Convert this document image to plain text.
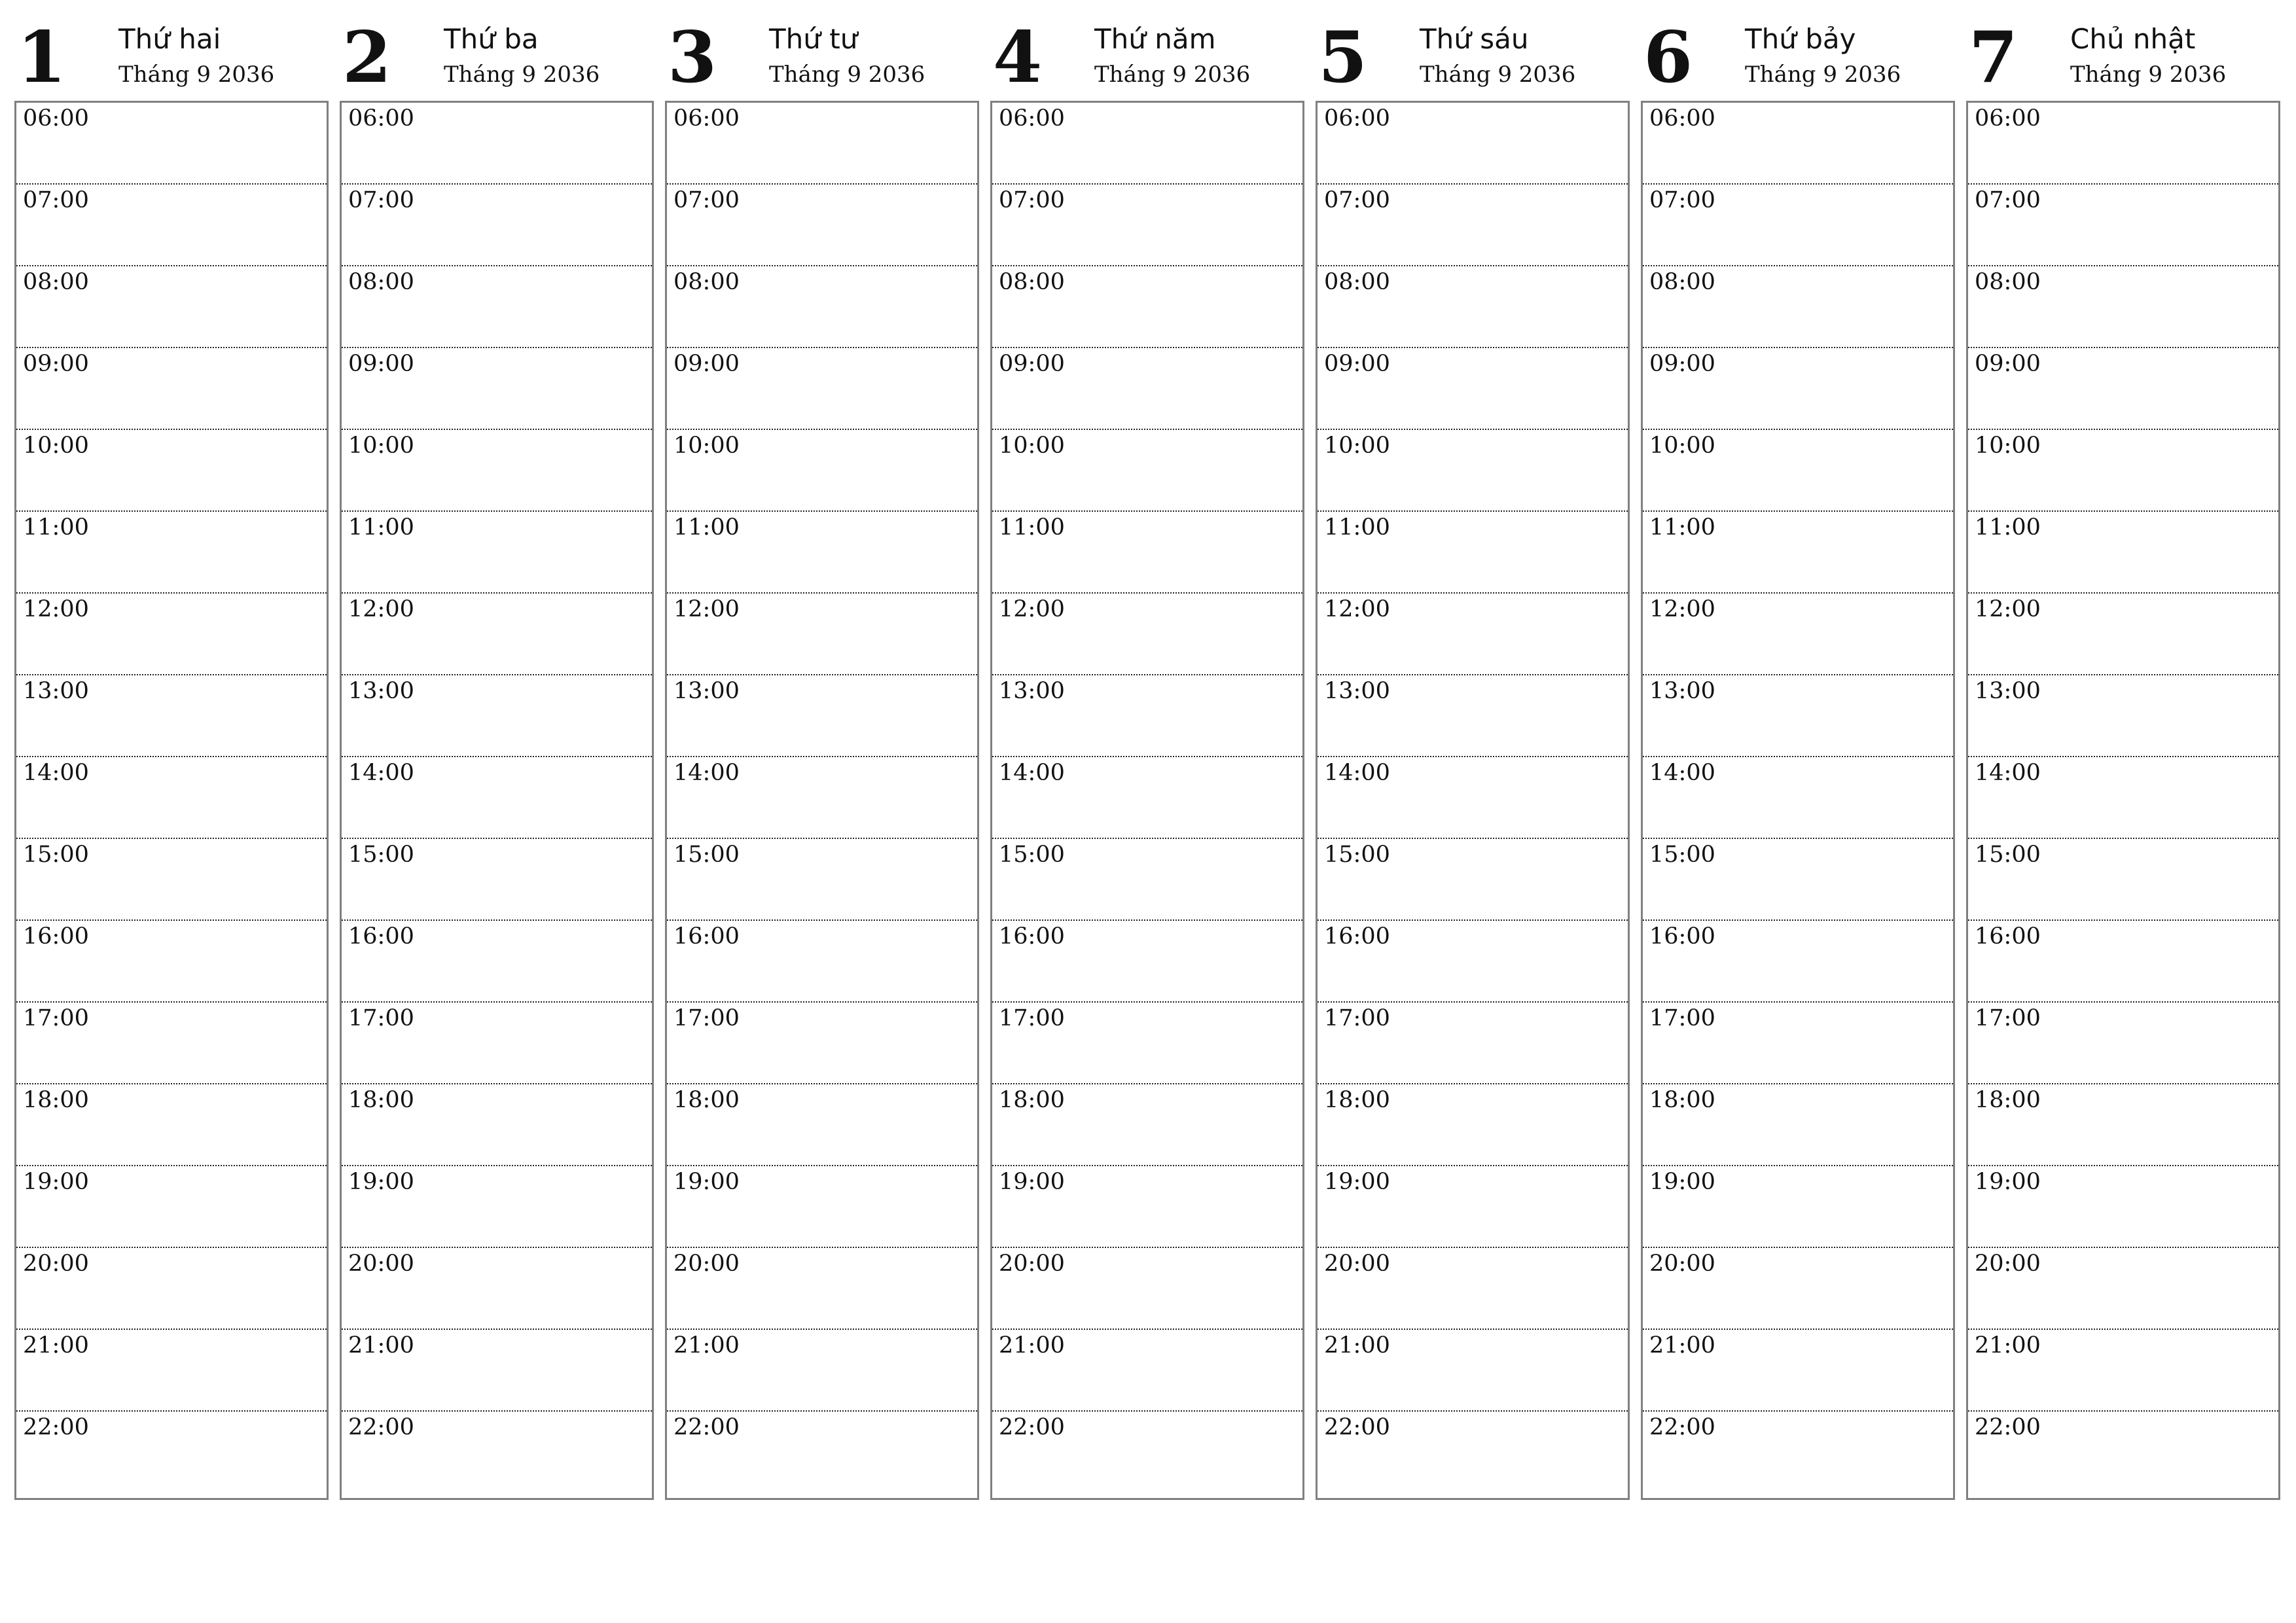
1 Thứ hai
Tháng 9 2036
06:00
07:00
08:00
09:00
10:00
11:00
12:00
13:00
14:00
15:00
16:00
17:00
18:00
19:00
20:00
21:00
22:00
2 Thứ ba
Tháng 9 2036
06:00
07:00
08:00
09:00
10:00
11:00
12:00
13:00
14:00
15:00
16:00
17:00
18:00
19:00
20:00
21:00
22:00
3 Thứ tư
Tháng 9 2036
06:00
07:00
08:00
09:00
10:00
11:00
12:00
13:00
14:00
15:00
16:00
17:00
18:00
19:00
20:00
21:00
22:00
4 Thứ năm
Tháng 9 2036
06:00
07:00
08:00
09:00
10:00
11:00
12:00
13:00
14:00
15:00
16:00
17:00
18:00
19:00
20:00
21:00
22:00
5 Thứ sáu
Tháng 9 2036
06:00
07:00
08:00
09:00
10:00
11:00
12:00
13:00
14:00
15:00
16:00
17:00
18:00
19:00
20:00
21:00
22:00
6 Thứ bảy
Tháng 9 2036
06:00
07:00
08:00
09:00
10:00
11:00
12:00
13:00
14:00
15:00
16:00
17:00
18:00
19:00
20:00
21:00
22:00
7 Chủ nhật
Tháng 9 2036
06:00
07:00
08:00
09:00
10:00
11:00
12:00
13:00
14:00
15:00
16:00
17:00
18:00
19:00
20:00
21:00
22:00
